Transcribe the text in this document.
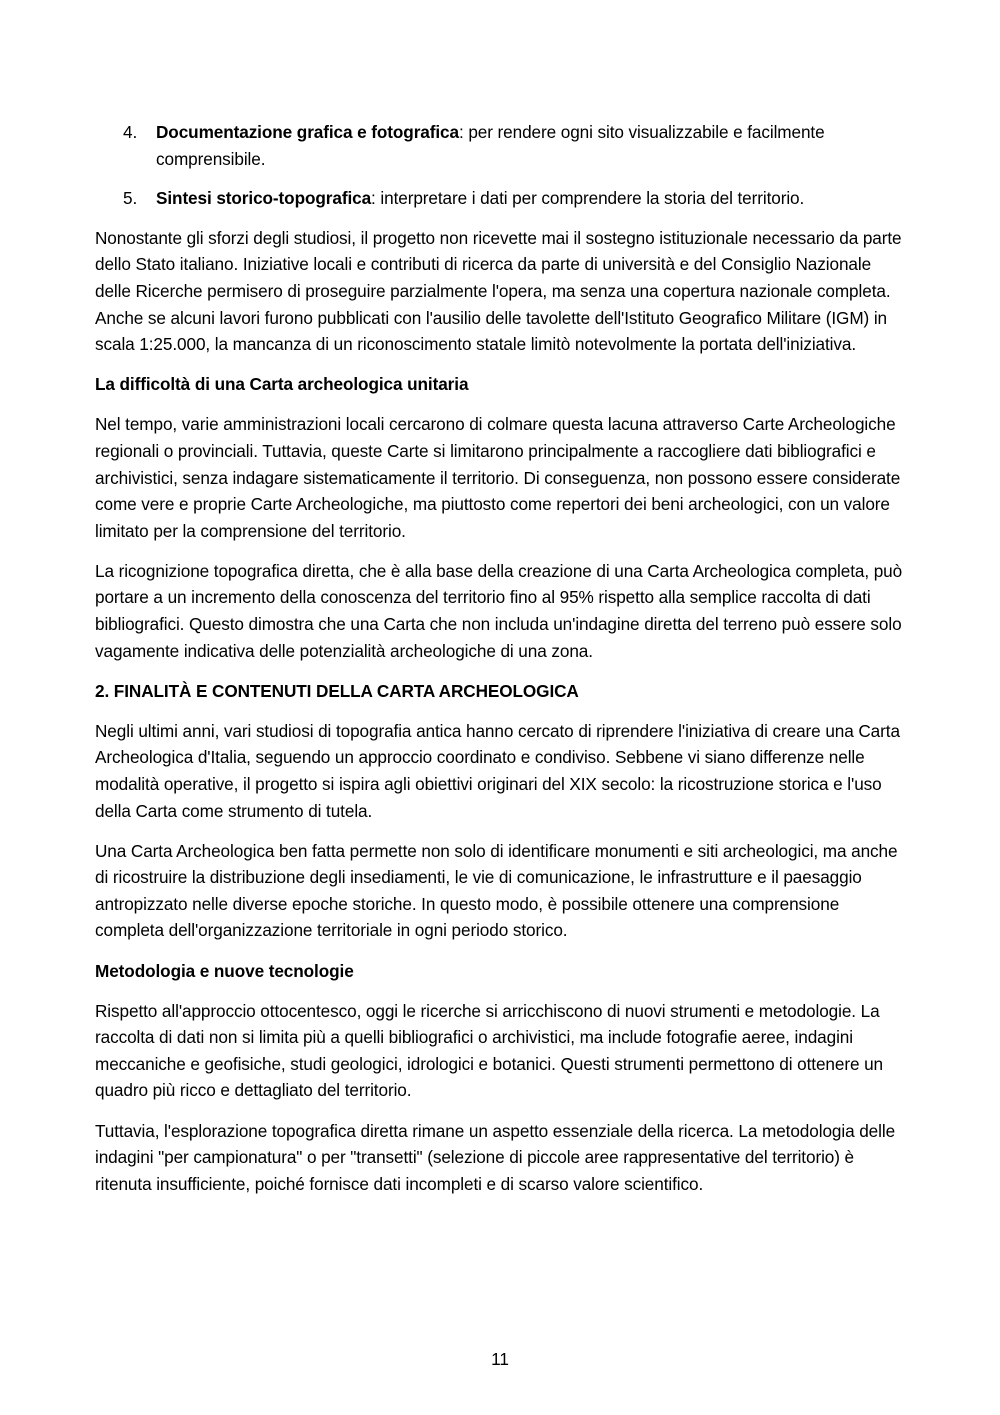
4. Documentazione grafica e fotografica: per rendere ogni sito visualizzabile e facilmente comprensibile.
5. Sintesi storico-topografica: interpretare i dati per comprendere la storia del territorio.

Nonostante gli sforzi degli studiosi, il progetto non ricevette mai il sostegno istituzionale necessario da parte dello Stato italiano. Iniziative locali e contributi di ricerca da parte di università e del Consiglio Nazionale delle Ricerche permisero di proseguire parzialmente l'opera, ma senza una copertura nazionale completa. Anche se alcuni lavori furono pubblicati con l'ausilio delle tavolette dell'Istituto Geografico Militare (IGM) in scala 1:25.000, la mancanza di un riconoscimento statale limitò notevolmente la portata dell'iniziativa.

La difficoltà di una Carta archeologica unitaria

Nel tempo, varie amministrazioni locali cercarono di colmare questa lacuna attraverso Carte Archeologiche regionali o provinciali. Tuttavia, queste Carte si limitarono principalmente a raccogliere dati bibliografici e archivistici, senza indagare sistematicamente il territorio. Di conseguenza, non possono essere considerate come vere e proprie Carte Archeologiche, ma piuttosto come repertori dei beni archeologici, con un valore limitato per la comprensione del territorio.

La ricognizione topografica diretta, che è alla base della creazione di una Carta Archeologica completa, può portare a un incremento della conoscenza del territorio fino al 95% rispetto alla semplice raccolta di dati bibliografici. Questo dimostra che una Carta che non includa un'indagine diretta del terreno può essere solo vagamente indicativa delle potenzialità archeologiche di una zona.

2. FINALITÀ E CONTENUTI DELLA CARTA ARCHEOLOGICA

Negli ultimi anni, vari studiosi di topografia antica hanno cercato di riprendere l'iniziativa di creare una Carta Archeologica d'Italia, seguendo un approccio coordinato e condiviso. Sebbene vi siano differenze nelle modalità operative, il progetto si ispira agli obiettivi originari del XIX secolo: la ricostruzione storica e l'uso della Carta come strumento di tutela.

Una Carta Archeologica ben fatta permette non solo di identificare monumenti e siti archeologici, ma anche di ricostruire la distribuzione degli insediamenti, le vie di comunicazione, le infrastrutture e il paesaggio antropizzato nelle diverse epoche storiche. In questo modo, è possibile ottenere una comprensione completa dell'organizzazione territoriale in ogni periodo storico.

Metodologia e nuove tecnologie

Rispetto all'approccio ottocentesco, oggi le ricerche si arricchiscono di nuovi strumenti e metodologie. La raccolta di dati non si limita più a quelli bibliografici o archivistici, ma include fotografie aeree, indagini meccaniche e geofisiche, studi geologici, idrologici e botanici. Questi strumenti permettono di ottenere un quadro più ricco e dettagliato del territorio.

Tuttavia, l'esplorazione topografica diretta rimane un aspetto essenziale della ricerca. La metodologia delle indagini "per campionatura" o per "transetti" (selezione di piccole aree rappresentative del territorio) è ritenuta insufficiente, poiché fornisce dati incompleti e di scarso valore scientifico.

11
